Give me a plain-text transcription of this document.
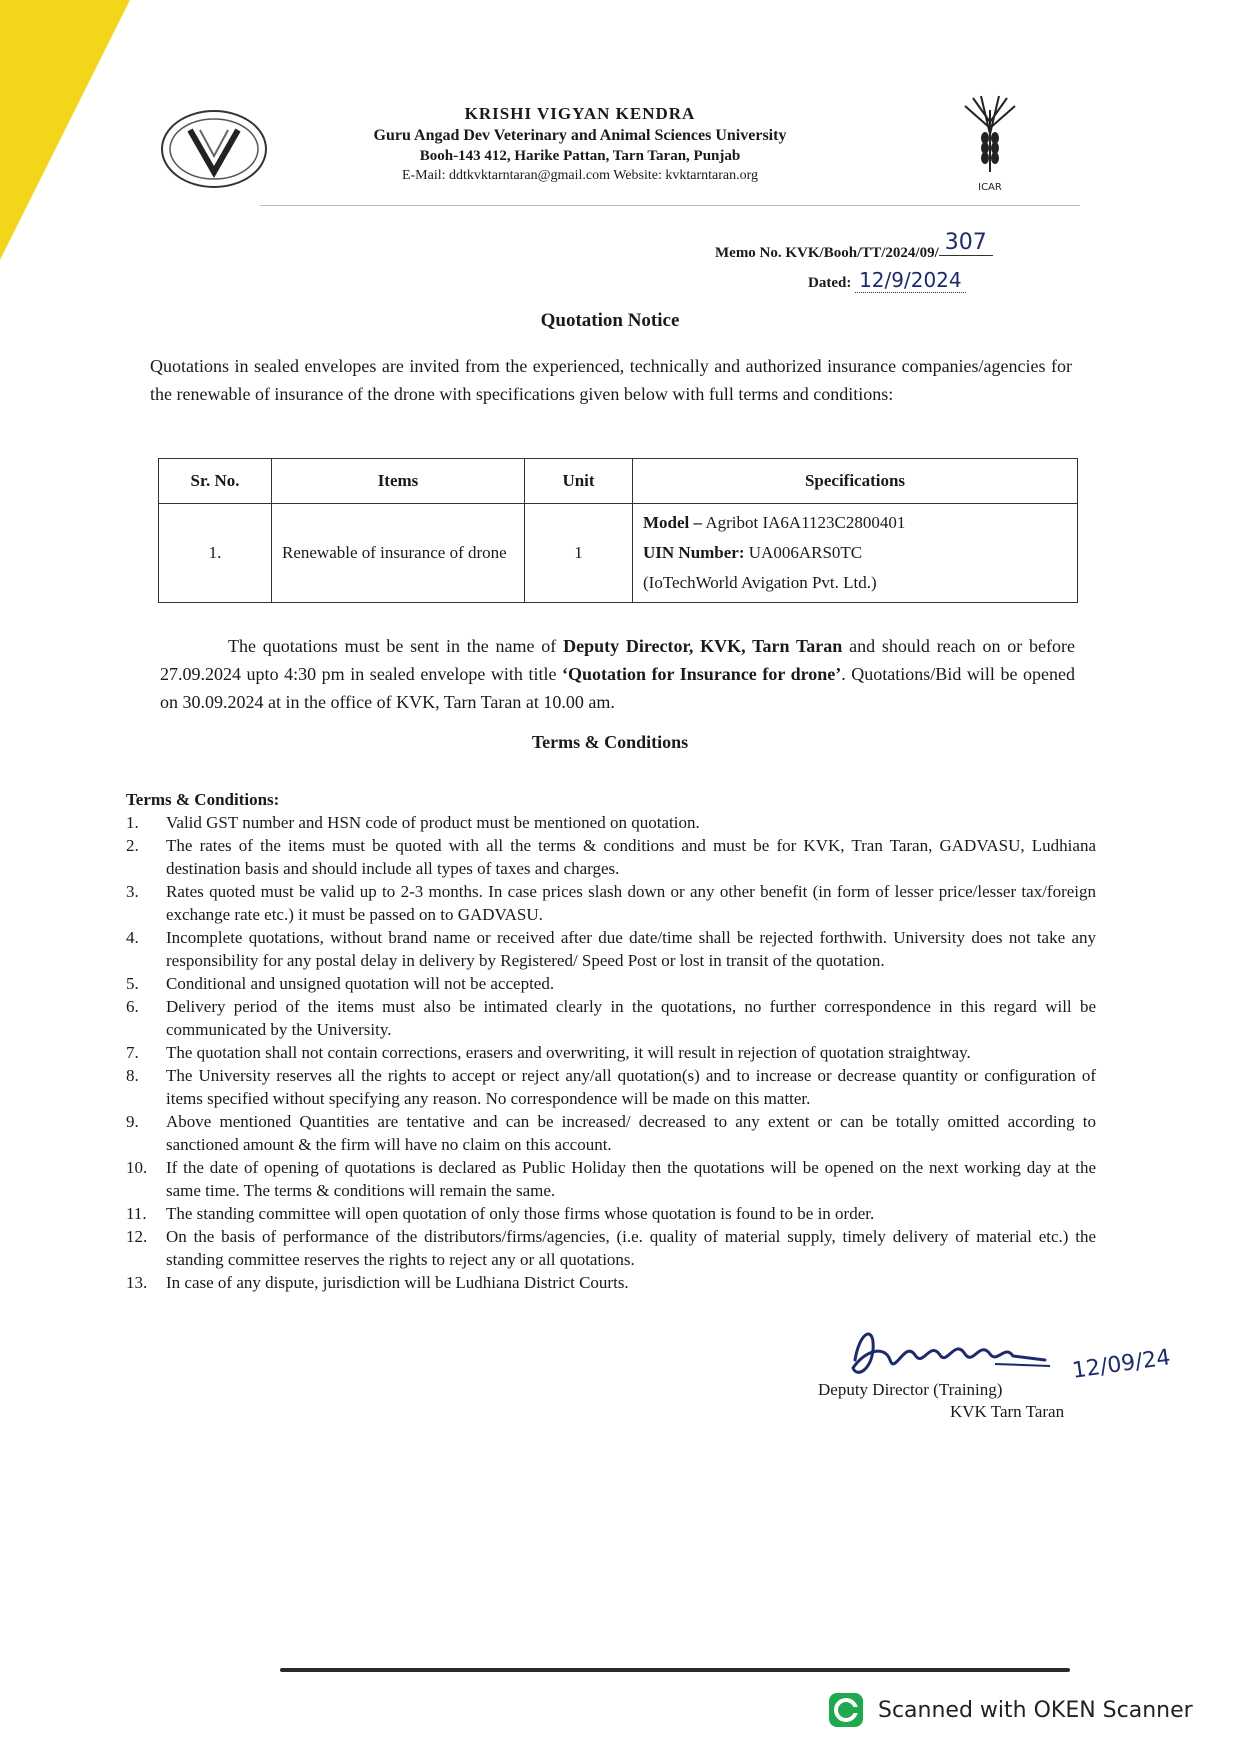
KRISHI VIGYAN KENDRA
Guru Angad Dev Veterinary and Animal Sciences University
Booh-143 412, Harike Pattan, Tarn Taran, Punjab
E-Mail: ddtkvktarntaran@gmail.com Website: kvktarntaran.org
ICAR
Memo No. KVK/Booh/TT/2024/09/ 307
Dated: 12/9/2024
Quotation Notice
Quotations in sealed envelopes are invited from the experienced, technically and authorized insurance companies/agencies for the renewable of insurance of the drone with specifications given below with full terms and conditions:
Sr. No.	Items	Unit	Specifications
1.	Renewable of insurance of drone	1	Model – Agribot IA6A1123C2800401
UIN Number: UA006ARS0TC
(IoTechWorld Avigation Pvt. Ltd.)
The quotations must be sent in the name of Deputy Director, KVK, Tarn Taran and should reach on or before 27.09.2024 upto 4:30 pm in sealed envelope with title ‘Quotation for Insurance for drone’. Quotations/Bid will be opened on 30.09.2024 at in the office of KVK, Tarn Taran at 10.00 am.
Terms & Conditions
Terms & Conditions:
1.	Valid GST number and HSN code of product must be mentioned on quotation.
2.	The rates of the items must be quoted with all the terms & conditions and must be for KVK, Tran Taran, GADVASU, Ludhiana destination basis and should include all types of taxes and charges.
3.	Rates quoted must be valid up to 2-3 months. In case prices slash down or any other benefit (in form of lesser price/lesser tax/foreign exchange rate etc.) it must be passed on to GADVASU.
4.	Incomplete quotations, without brand name or received after due date/time shall be rejected forthwith. University does not take any responsibility for any postal delay in delivery by Registered/ Speed Post or lost in transit of the quotation.
5.	Conditional and unsigned quotation will not be accepted.
6.	Delivery period of the items must also be intimated clearly in the quotations, no further correspondence in this regard will be communicated by the University.
7.	The quotation shall not contain corrections, erasers and overwriting, it will result in rejection of quotation straightway.
8.	The University reserves all the rights to accept or reject any/all quotation(s) and to increase or decrease quantity or configuration of items specified without specifying any reason. No correspondence will be made on this matter.
9.	Above mentioned Quantities are tentative and can be increased/ decreased to any extent or can be totally omitted according to sanctioned amount & the firm will have no claim on this account.
10.	If the date of opening of quotations is declared as Public Holiday then the quotations will be opened on the next working day at the same time. The terms & conditions will remain the same.
11.	The standing committee will open quotation of only those firms whose quotation is found to be in order.
12.	On the basis of performance of the distributors/firms/agencies, (i.e. quality of material supply, timely delivery of material etc.) the standing committee reserves the rights to reject any or all quotations.
13.	In case of any dispute, jurisdiction will be Ludhiana District Courts.
12/09/24
Deputy Director (Training)
KVK Tarn Taran
Scanned with OKEN Scanner
